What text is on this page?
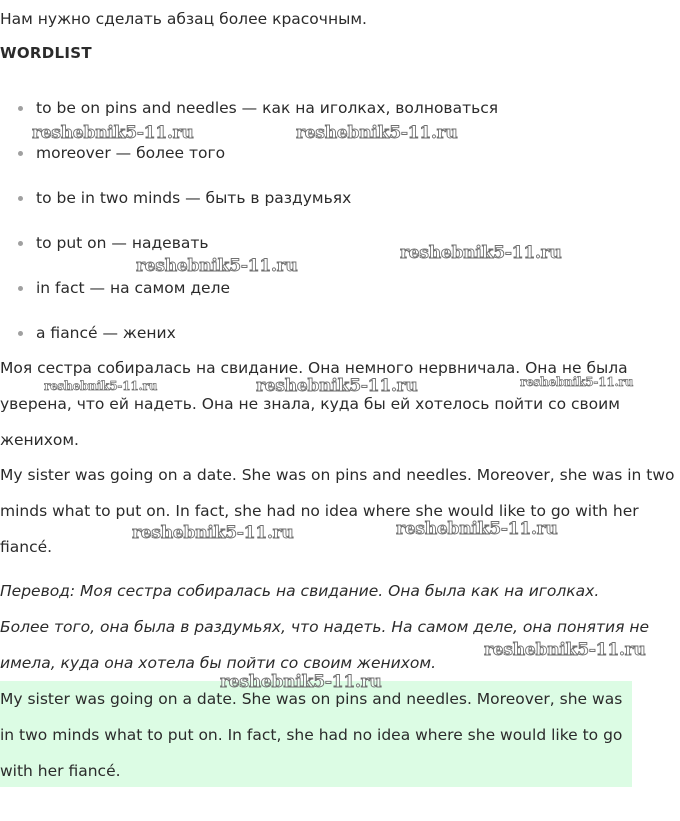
Нам нужно сделать абзац более красочным.

WORDLIST
to be on pins and needles — как на иголках, волноваться
moreover — более того
to be in two minds — быть в раздумьях
to put on — надевать
in fact — на самом деле
a fiancé — жених

Моя сестра собиралась на свидание. Она немного нервничала. Она не была уверена, что ей надеть. Она не знала, куда бы ей хотелось пойти со своим женихом.

My sister was going on a date. She was on pins and needles. Moreover, she was in two minds what to put on. In fact, she had no idea where she would like to go with her fiancé.

Перевод: Моя сестра собиралась на свидание. Она была как на иголках. Более того, она была в раздумьях, что надеть. На самом деле, она понятия не имела, куда она хотела бы пойти со своим женихом.

My sister was going on a date. She was on pins and needles. Moreover, she was in two minds what to put on. In fact, she had no idea where she would like to go with her fiancé.

reshebnik5-11.ru	reshebnik5-11.ru
reshebnik5-11.ru
reshebnik5-11.ru
reshebnik5-11.ru	reshebnik5-11.ru	reshebnik5-11.ru
reshebnik5-11.ru	reshebnik5-11.ru
reshebnik5-11.ru
reshebnik5-11.ru
